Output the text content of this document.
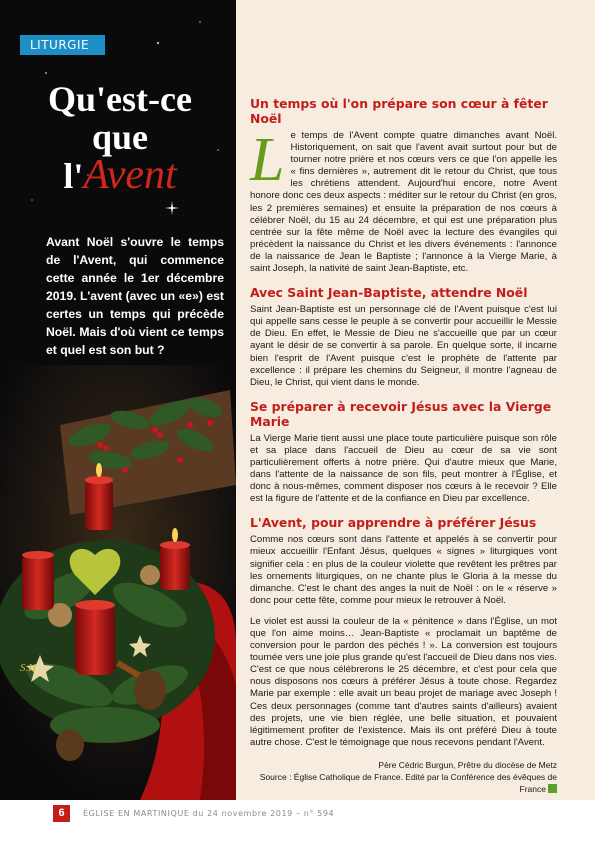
LITURGIE
Qu'est-ce
que
l'Avent
Avant Noël s'ouvre le temps de l'Avent, qui commence cette année le 1er décembre 2019. L'avent (avec un «e») est certes un temps qui précède Noël. Mais d'où vient ce temps et quel est son but ?
S.H
Un temps où l'on prépare son cœur à fêter Noël

Le temps de l'Avent compte quatre dimanches avant Noël. Historiquement, on sait que l'avent avait surtout pour but de tourner notre prière et nos cœurs vers ce que l'on appelle les « fins dernières », autrement dit le retour du Christ, que tous les chrétiens attendent. Aujourd'hui encore, notre Avent honore donc ces deux aspects : méditer sur le retour du Christ (en gros, les 2 premières semaines) et ensuite la préparation de nos cœurs à célébrer Noël, du 15 au 24 décembre, et qui est une préparation plus centrée sur la fête même de Noël avec la lecture des évangiles qui précèdent la naissance du Christ et les divers événements : l'annonce de la naissance de Jean le Baptiste ; l'annonce à la Vierge Marie, à saint Joseph, la nativité de saint Jean-Baptiste, etc.

Avec Saint Jean-Baptiste, attendre Noël

Saint Jean-Baptiste est un personnage clé de l'Avent puisque c'est lui qui appelle sans cesse le peuple à se convertir pour accueillir le Messie de Dieu. En effet, le Messie de Dieu ne s'accueille que par un cœur ayant le désir de se convertir à sa parole. En quelque sorte, il incarne bien l'esprit de l'Avent puisque c'est le prophète de l'attente par excellence : il prépare les chemins du Seigneur, il montre l'agneau de Dieu, le Christ, qui vient dans le monde.

Se préparer à recevoir Jésus avec la Vierge Marie

La Vierge Marie tient aussi une place toute particulière puisque son rôle et sa place dans l'accueil de Dieu au cœur de sa vie sont particulièrement offerts à notre prière. Qui d'autre mieux que Marie, dans l'attente de la naissance de son fils, peut montrer à l'Église, et donc à nous-mêmes, comment disposer nos cœurs à le recevoir ? Elle est la figure de l'attente et de la confiance en Dieu par excellence.

L'Avent, pour apprendre à préférer Jésus

Comme nos cœurs sont dans l'attente et appelés à se convertir pour mieux accueillir l'Enfant Jésus, quelques « signes » liturgiques vont signifier cela : en plus de la couleur violette que revêtent les prêtres par les ornements liturgiques, on ne chante plus le Gloria à la messe du dimanche. C'est le chant des anges la nuit de Noël : on le « réserve » donc pour cette fête, comme pour mieux le retrouver à Noël.

Le violet est aussi la couleur de la « pénitence » dans l'Église, un mot que l'on aime moins… Jean-Baptiste « proclamait un baptême de conversion pour le pardon des péchés ! ». La conversion est toujours tournée vers une joie plus grande qu'est l'accueil de Dieu dans nos vies. C'est ce que nous célébrerons le 25 décembre, et c'est pour cela que nous disposons nos cœurs à préférer Jésus à toute chose. Regardez Marie par exemple : elle avait un beau projet de mariage avec Joseph ! Ces deux personnages (comme tant d'autres saints d'ailleurs) avaient des projets, une vie bien réglée, une belle situation, et pouvaient légitimement profiter de l'existence. Mais ils ont préféré Dieu à toute autre chose. C'est le témoignage que nous recevons pendant l'Avent.

Père Cédric Burgun, Prêtre du diocèse de Metz
Source : Église Catholique de France. Edité par la Conférence des évêques de France
6	ÉGLISE EN MARTINIQUE du 24 novembre 2019 – n° 594
